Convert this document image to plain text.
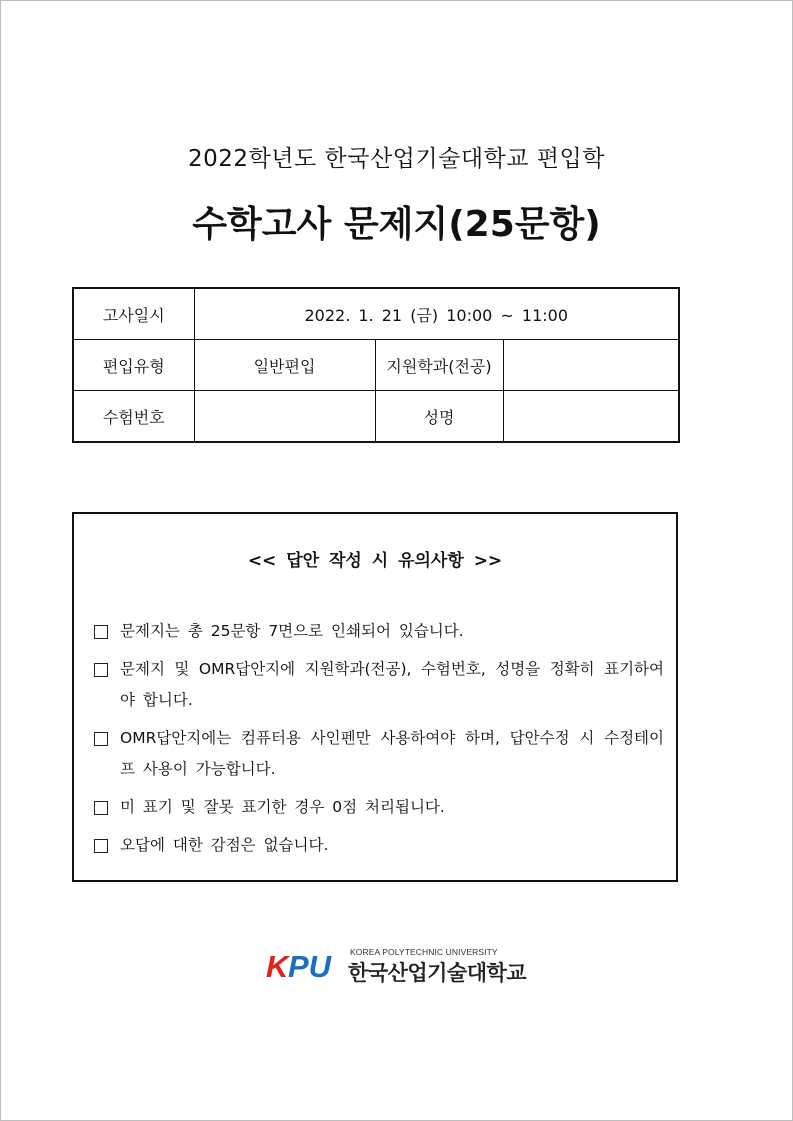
2022학년도 한국산업기술대학교 편입학
수학고사 문제지(25문항)
고사일시	2022. 1. 21 (금) 10:00 ~ 11:00		
편입유형	일반편입	지원학과(전공)	
수험번호		성명	
<< 답안 작성 시 유의사항 >>
문제지는 총 25문항 7면으로 인쇄되어 있습니다.
문제지 및 OMR답안지에 지원학과(전공), 수험번호, 성명을 정확히 표기하여야 합니다.
OMR답안지에는 컴퓨터용 사인펜만 사용하여야 하며, 답안수정 시 수정테이프 사용이 가능합니다.
미 표기 및 잘못 표기한 경우 0점 처리됩니다.
오답에 대한 감점은 없습니다.
K PU KOREA POLYTECHNIC UNIVERSITY
한국산업기술대학교
